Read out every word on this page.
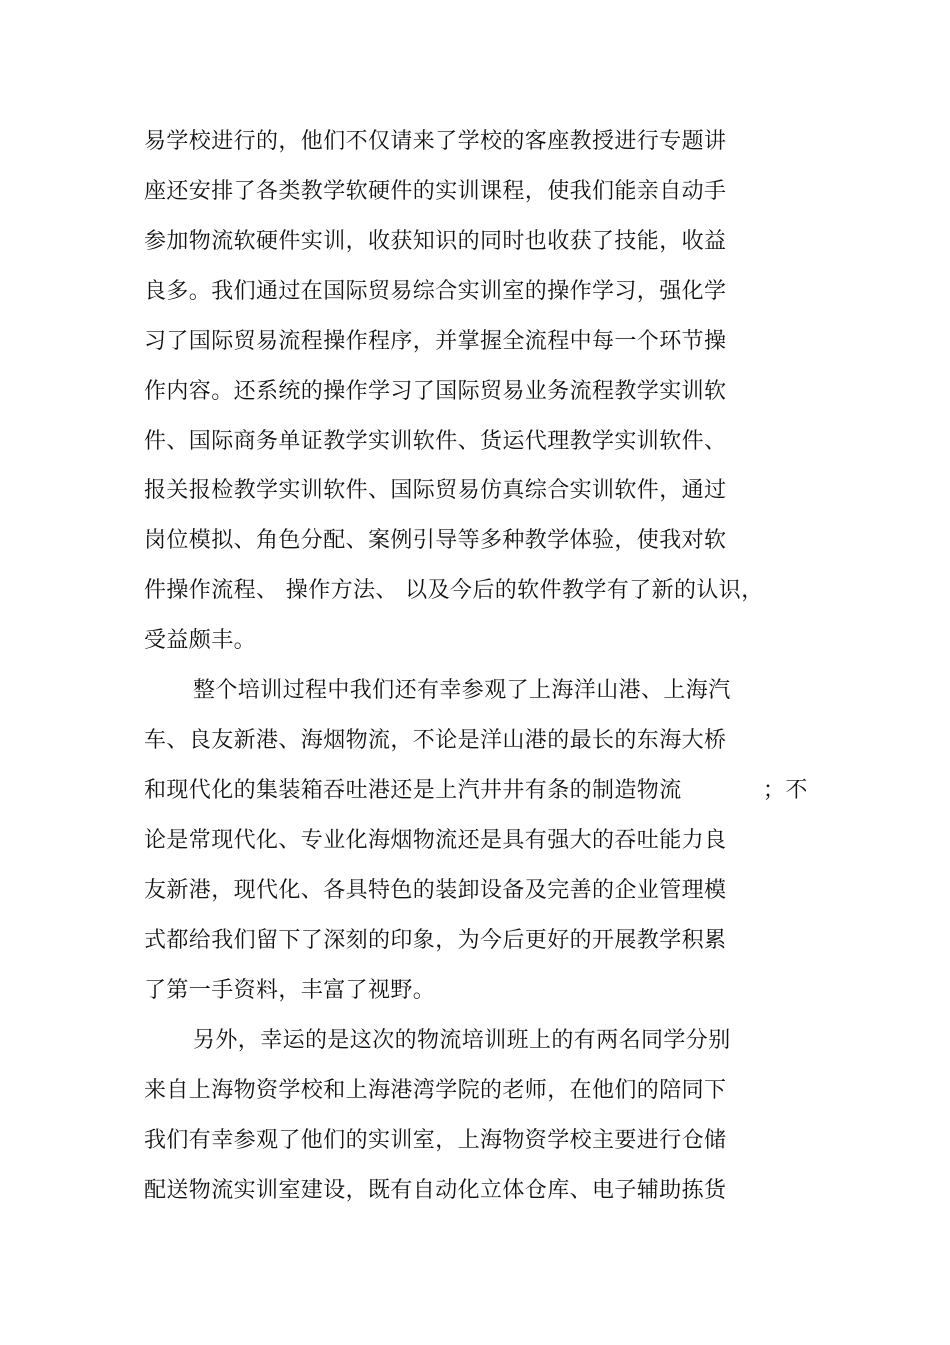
易学校进行的，他们不仅请来了学校的客座教授进行专题讲
座还安排了各类教学软硬件的实训课程，使我们能亲自动手
参加物流软硬件实训，收获知识的同时也收获了技能，收益
良多。我们通过在国际贸易综合实训室的操作学习，强化学
习了国际贸易流程操作程序，并掌握全流程中每一个环节操
作内容。还系统的操作学习了国际贸易业务流程教学实训软
件、国际商务单证教学实训软件、货运代理教学实训软件、
报关报检教学实训软件、国际贸易仿真综合实训软件，通过
岗位模拟、角色分配、案例引导等多种教学体验，使我对软
件操作流程、 操作方法、 以及今后的软件教学有了新的认识，
受益颇丰。
整个培训过程中我们还有幸参观了上海洋山港、上海汽
车、良友新港、海烟物流，不论是洋山港的最长的东海大桥
和现代化的集装箱吞吐港还是上汽井井有条的制造物流           ；不
论是常现代化、专业化海烟物流还是具有强大的吞吐能力良
友新港，现代化、各具特色的装卸设备及完善的企业管理模
式都给我们留下了深刻的印象，为今后更好的开展教学积累
了第一手资料，丰富了视野。
另外，幸运的是这次的物流培训班上的有两名同学分别
来自上海物资学校和上海港湾学院的老师，在他们的陪同下
我们有幸参观了他们的实训室，上海物资学校主要进行仓储
配送物流实训室建设，既有自动化立体仓库、电子辅助拣货
